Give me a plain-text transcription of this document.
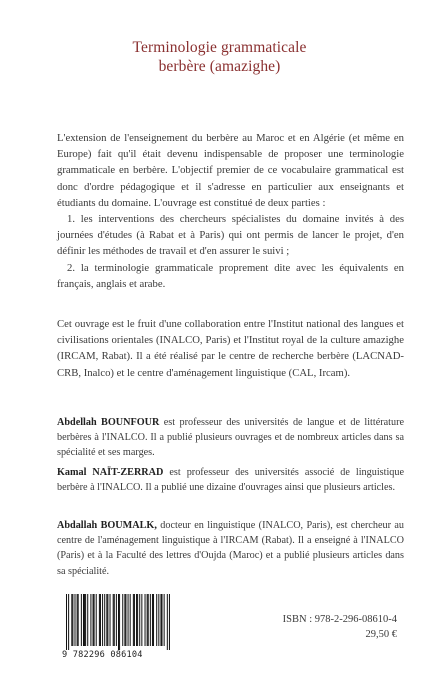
Terminologie grammaticale
berbère (amazighe)

L'extension de l'enseignement du berbère au Maroc et en Algérie (et même en Europe) fait qu'il était devenu indispensable de proposer une terminologie grammaticale en berbère. L'objectif premier de ce vocabulaire grammatical est donc d'ordre pédagogique et il s'adresse en particulier aux enseignants et étudiants du domaine. L'ouvrage est constitué de deux parties :

1. les interventions des chercheurs spécialistes du domaine invités à des journées d'études (à Rabat et à Paris) qui ont permis de lancer le projet, d'en définir les méthodes de travail et d'en assurer le suivi ;

2. la terminologie grammaticale proprement dite avec les équivalents en français, anglais et arabe.

Cet ouvrage est le fruit d'une collaboration entre l'Institut national des langues et civilisations orientales (INALCO, Paris) et l'Institut royal de la culture amazighe (IRCAM, Rabat). Il a été réalisé par le centre de recherche berbère (LACNAD-CRB, Inalco) et le centre d'aménagement linguistique (CAL, Ircam).

Abdellah BOUNFOUR est professeur des universités de langue et de littérature berbères à l'INALCO. Il a publié plusieurs ouvrages et de nombreux articles dans sa spécialité et ses marges.
Kamal NAÏT-ZERRAD est professeur des universités associé de linguistique berbère à l'INALCO. Il a publié une dizaine d'ouvrages ainsi que plusieurs articles.
Abdallah BOUMALK, docteur en linguistique (INALCO, Paris), est chercheur au centre de l'aménagement linguistique à l'IRCAM (Rabat). Il a enseigné à l'INALCO (Paris) et à la Faculté des lettres d'Oujda (Maroc) et a publié plusieurs articles dans sa spécialité.
9 782296 086104
ISBN : 978-2-296-08610-4
29,50 €
